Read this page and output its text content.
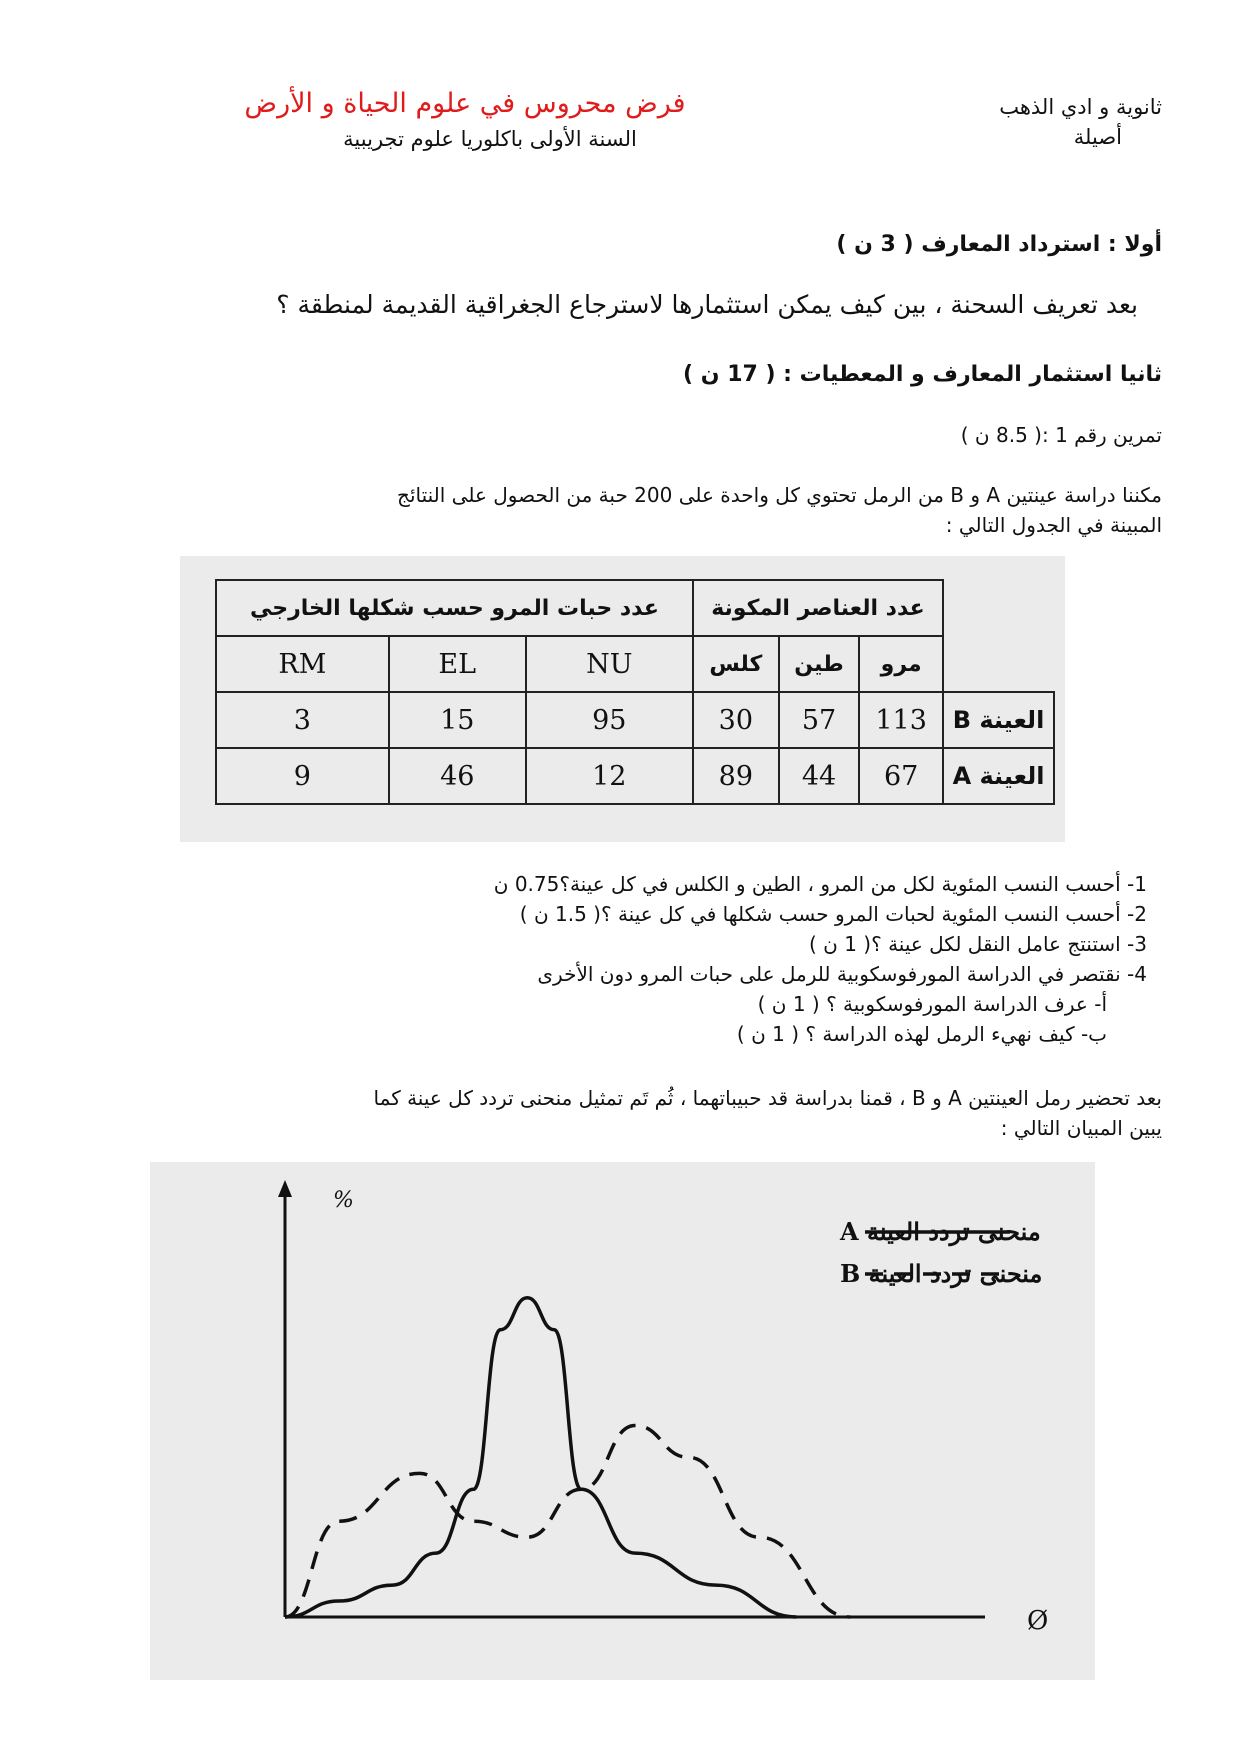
ثانوية و ادي الذهب
أصيلة
فرض محروس في علوم الحياة و الأرض
السنة الأولى باكلوريا علوم تجريبية
أولا : استرداد المعارف ( 3 ن )
بعد تعريف السحنة ، بين كيف يمكن استثمارها لاسترجاع الجغراقية القديمة لمنطقة ؟
ثانيا استثمار المعارف و المعطيات : ( 17 ن )
تمرين رقم 1 :( 8.5 ن )
مكننا دراسة عينتين A و B من الرمل تحتوي كل واحدة على 200 حبة من الحصول على النتائج
المبينة في الجدول التالي :
	عدد العناصر المكونة			عدد حبات المرو حسب شكلها الخارجي		
	مرو	طين	كلس	NU	EL	RM
العينة B	113	57	30	95	15	3
العينة A	67	44	89	12	46	9
1- أحسب النسب المئوية لكل من المرو ، الطين و الكلس في كل عينة؟0.75 ن
2- أحسب النسب المئوية لحبات المرو حسب شكلها في كل عينة ؟( 1.5 ن )
3- استنتج عامل النقل لكل عينة ؟( 1 ن )
4- نقتصر في الدراسة المورفوسكوبية للرمل على حبات المرو دون الأخرى
أ- عرف الدراسة المورفوسكوبية ؟ ( 1 ن )
ب- كيف نهيء الرمل لهذه الدراسة ؟ ( 1 ن )
بعد تحضير رمل العينتين A و B ، قمنا بدراسة قد حبيباتهما ، ثُم تَم تمثيل منحنى تردد كل عينة كما
يبين المبيان التالي :
%
Ø
منحنى تردد العينة A
منحنى تردد العينة B
